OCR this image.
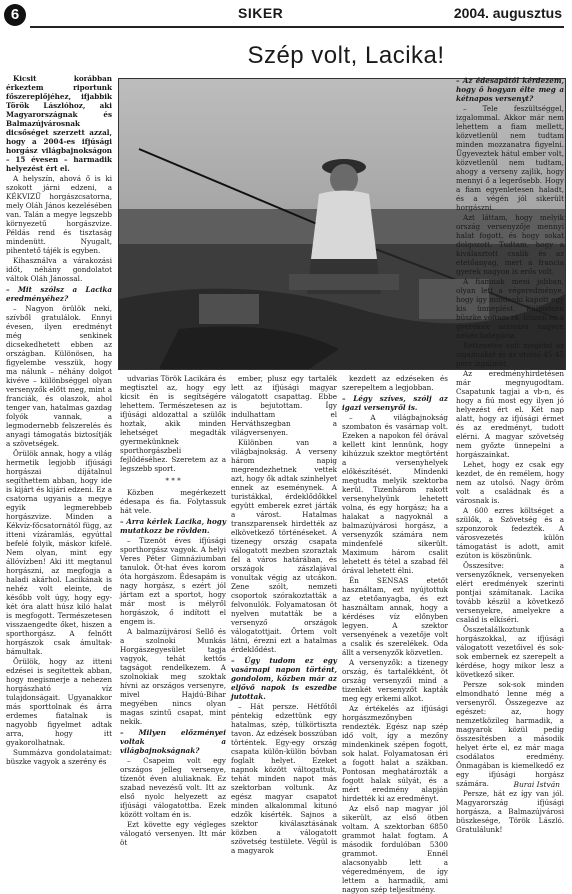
6	SIKER	2004. augusztus
Szép volt, Lacika!

Kicsit korábban érkeztem riportunk főszereplőjéhez, ifjabbik Török Lászlóhoz, aki Magyarországnak és Balmazújvárosnak dicsőséget szerzett azzal, hogy a 2004-es ifjúsági horgász világbajnokságon – 15 évesen – harmadik helyezést ért el.

A helyszín, ahová ő is ki szokott járni edzeni, a KÉKVIZŰ horgászcsatorna, mely Oláh János kezelésében van. Talán a megye legszebb környezetű horgászvize. Példás rend és tisztaság mindenütt. Nyugalt, pihentető tájék is egyben.

Kihasználva a várakozási időt, néhány gondolatot váltok Oláh Jánossal.

– Mit szólsz a Lacika eredményéhez?

– Nagyon örülök neki, szívből gratulálok. Ennyi évesen, ilyen eredményt még senkinek dicsekedhetett ebben az országban. Különösen, ha figyelembe vesszük, hogy ma nálunk – néhány dolgot kivéve – különbséggel olyan versenyzők előtt meg, mint a franciák, és olaszok, ahol tenger van, hatalmas gazdag folyók vannak, a legmodernebb felszerelés és anyagi támogatás biztosítják a szövetségek.

Örülök annak, hogy a világ hermetik legjobb ifjúsági horgászai díjátalnul segíthettem abban, hogy ide is kijárt és kijári edzeni. Ez a csatorna ugyanis a megye egyik legmerebbeb horgászvize. Minden a Kékvíz-főcsatornától függ, az itteni vízáramlás, egyúttal befelé folyik, máskor kifelé. Nem olyan, mint egy állóvízben! Aki itt megtanul horgászni, az megfogja a haladi akárhol. Lacikának is nehéz volt eleinte, de később volt úgy, hogy egy-két óra alatt húsz kiló halat is megfogott. Természetesen visszaengedte őket, hiszen a sporthorgász. A felnőtt horgászok csak ámultak-bámultak.

Örülök, hogy az itteni edzései is segítettek abban, hogy megismerje a nehezen horgászható víz tulajdonságait. Ugyanakkor más sporttolnak és árra erdemes fiatalnak is nagyobb figyelmet adtak arra, hogy itt gyakorolhatnak.

Summázva gondolataimat: büszke vagyok a szerény és

udvarias Török Lacikára és megtisztel az, hogy egy kicsit én is segítségére lehettem. Természetesen az ifjúsági aldozattal a szülők hoztak, akik minden lehetséget megadták gyermekünknek sporthorgászbeli fejlődéséhez. Szeretem az a legszebb sport.

* * *

Közben megérkezett édesapa és fia. Folytassuk hát vele.

– Arra kérlek Lacika, hogy mutatkozz be rövlden.

– Tizenöt éves ifjúsági sporthorgász vagyok. A helyi Veres Péter Gimnáziumban tanulok. Öt-hat éves korom óta horgászom. Édesapám is nagy horgász, s ezért jól jártam ezt a sportot, hogy már most is mélyről horgászok, ő indított el engem is.

A balmazújvárosi Sellő és a szolnoki Munkás Horgászegyesület tagja vagyok, tehát kettős tagságot rendelkezem. A szolnokiak meg szoktak hívni az országos versenyre, mivel Hajdú-Bihar megyében nincs olyan magas szintű csapat, mint nekik.

– Milyen előzményei voltak a világbajnokságnak?

– Csapeim volt egy országos jelleg versenye, tízenöt éven aluliaknak. Ez szabad nevezésű volt. Itt az első nyolc helyezett az ifjúsági válogatottba. Ezek között voltam én is.

Ezt követte egy végleges válogató versenyen. Itt már öt

ember, plusz egy tartalék lett az ifjúsági magyar válogatott csapattag. Ebbe is bejutottam. Így indulhattam el Herváthszegban a világversenyen.

Különben van a világbajnokság. A verseny három napig megrendezhetnek vettek azt, hogy ők adtak szinhelyet ennek az eseménynek. A turistákkal, érdeklődőkkel együtt emberek ezret járták a várost. Hatalmas transzparensek hirdették az elkövetkező történéseket. A tizenegy ország csapata válogatott mezben szoraztak fel a város határában, és országok zászlajával vonultak végig az utcákon. Zene szólt, nemzeti csoportok szórakoztatták a felvonulók. Folyamatosan öt nyelven mutatták be a versenyző országok válogatottjait. Őrtem volt látni, érezni ezt a hatalmas érdeklődést.

– Úgy tudom ez egy vasárnapi napon történt, gondolom, közben már az eljövő napok is eszedbe jutottak.

– Hát persze. Hétfőtől péntekig edzettünk egy hatalmas, szép, túlkörtiszta tavon. Az edzések bosszúban történtek. Egy-egy ország csapata külön-külön bóvban foglalt helyet. Ezeket napnok között váltogattuk, tehát minden napot más szektorban voltunk. Az egész magyar csapatot minden alkalommal kitunó edzők kísérték. Sajnos a szektor kiválasztásának közben a válogatott szövetség testülete. Végül is a magyarok

kezdett az edzéseken és szerepeltem a legjobban.

– Légy szíves, szólj az igazi versenyről is.

– A világbajnokság szombaton és vasárnap volt. Ezeken a napokon fél órával kellett kint lennünk, hogy kihúzzuk szektor megtörtént a versenyhelyek előkészítését. Mindenki megtudta melyik szektorba kerül. Tizenhárom rakott versenyhelyünk lehetett volna, és egy horgász; ha a halakat a nagyoknál a balmazújvárosi horgász, a versenyzők számára nem mindenfelé sikerült. Maximum három csalit lehetett és tétel a szabad fél órával lehetett élni.

Én SENSAS etetőt használtam, ezt nyújtottuk az etetőanyagba, és ezt használtam annak, hogy a kérdéses víz előnyben legyen. A szektor versenyének a vezetője volt a csalik és szerelékek. Oda állt a versenyzők közvetlen.

A versenyzők: a tizenegy ország, és tartalékként, öt ország versenyzői mind a tizenkét versenyzőt kapták meg egy erkemi alkot.

Az értékelés az ifjúsági horgászmezőnyben rendezték. Egész nap szép idő volt, így a mezőny mindenkinek szépen fogott, sok halat. Folyamatosan éri a fogott halat a szákban. Pontosan meghatározták a fogott halak súlyát, és a mért eredmény alapján hirdették ki az eredményt.

Az első nap magyar jól sikerült, az első ötben voltam. A szektorban 6850 grammot halat fogtam. A második fordulóban 5300 grammot. Ennél alacsonyabb lett a végeredményem, de így lettem a harmadik, ami nagyon szép teljesítmény.

– Az édesapától kérdezem, hogy ő hogyan élte meg a kétnapos versenyt?

– Tele feszültséggel, izgalommal. Akkor már nem lehettem a fiam mellett, közvetlenül nem tudtam minden mozzanatra figyelni. Ügyeveztek hátul ember volt, közvetlenül nem tudtam, ahogy a verseny zajlik, hogy mennyi ő a legerősebb. Hogy a fiam egyenletesen haladt, és a végén jól sikerült horgászni.

Azt láttam, hogy melyik ország versenyzője mennyi halat fogott, és hogy sokat dolgozott. Tudtam, hogy a kiválasztott csalik és az etetőanyag, mert a francia gyerek nagyon is erős volt.

A fiamnak meni jobban, olyan lett a végeredménye, hogy így mindenki kapott egy kis ünneplést. Különösen büszke voltam rá, hiszen ez a gyerekek számára nagyon nehéz kategória.

Rettenetes volt megélni az izgalmakat és az utolsó 45-45 perc izgalmát.

Az eredményhirdetésen már megnyugodtam. Csapatunk tagjai a vb-n, és hogy a fiú most egy ilyen jó helyezést ért el. Két nap alatt, hogy az ifjúsági érmet és az eredményt, tudott elérni. A magyar szövetség nem győzte ünnepelni a horgászainkat.

Lehet, hogy ez csak egy kezdet, de én remélem, hogy nem az utolsó. Nagy öröm volt a családnak és a városnak is.

A 600 ezres költséget a szülők, a Szövetség és a szponzorok fedezték. A városvezetés külön támogatást is adott, amit ezúton is köszönünk.

Összesítve: a versenyzőknek, versenyeken elért eredmények szerinti pontjai számítanak. Lacika tovább készül a következő versenyekre, amelyekre a család is elkíséri.

Összetalálkoztunk a horgászokkal, az ifjúsági válogatott vezetőivel és sok-sok embernek ez szerepelt a kérdése, hogy mikor lesz a következő siker.

Persze sok-sok minden elmondható lenne még a versenyről. Összegezve az egészet: az, hogy nemzetközileg harmadik, a magyarok közül pedig összesítésben a második helyet érte el, ez már maga csodálatos eredmény. Önmagában is kiemelkedő ez egy ifjúsági horgász számára.

Persze, hát ez így van jól. Magyarország ifjúsági horgásza, a Balmazújvárosi büszkesége, Török László. Gratulálunk!

Burai István
